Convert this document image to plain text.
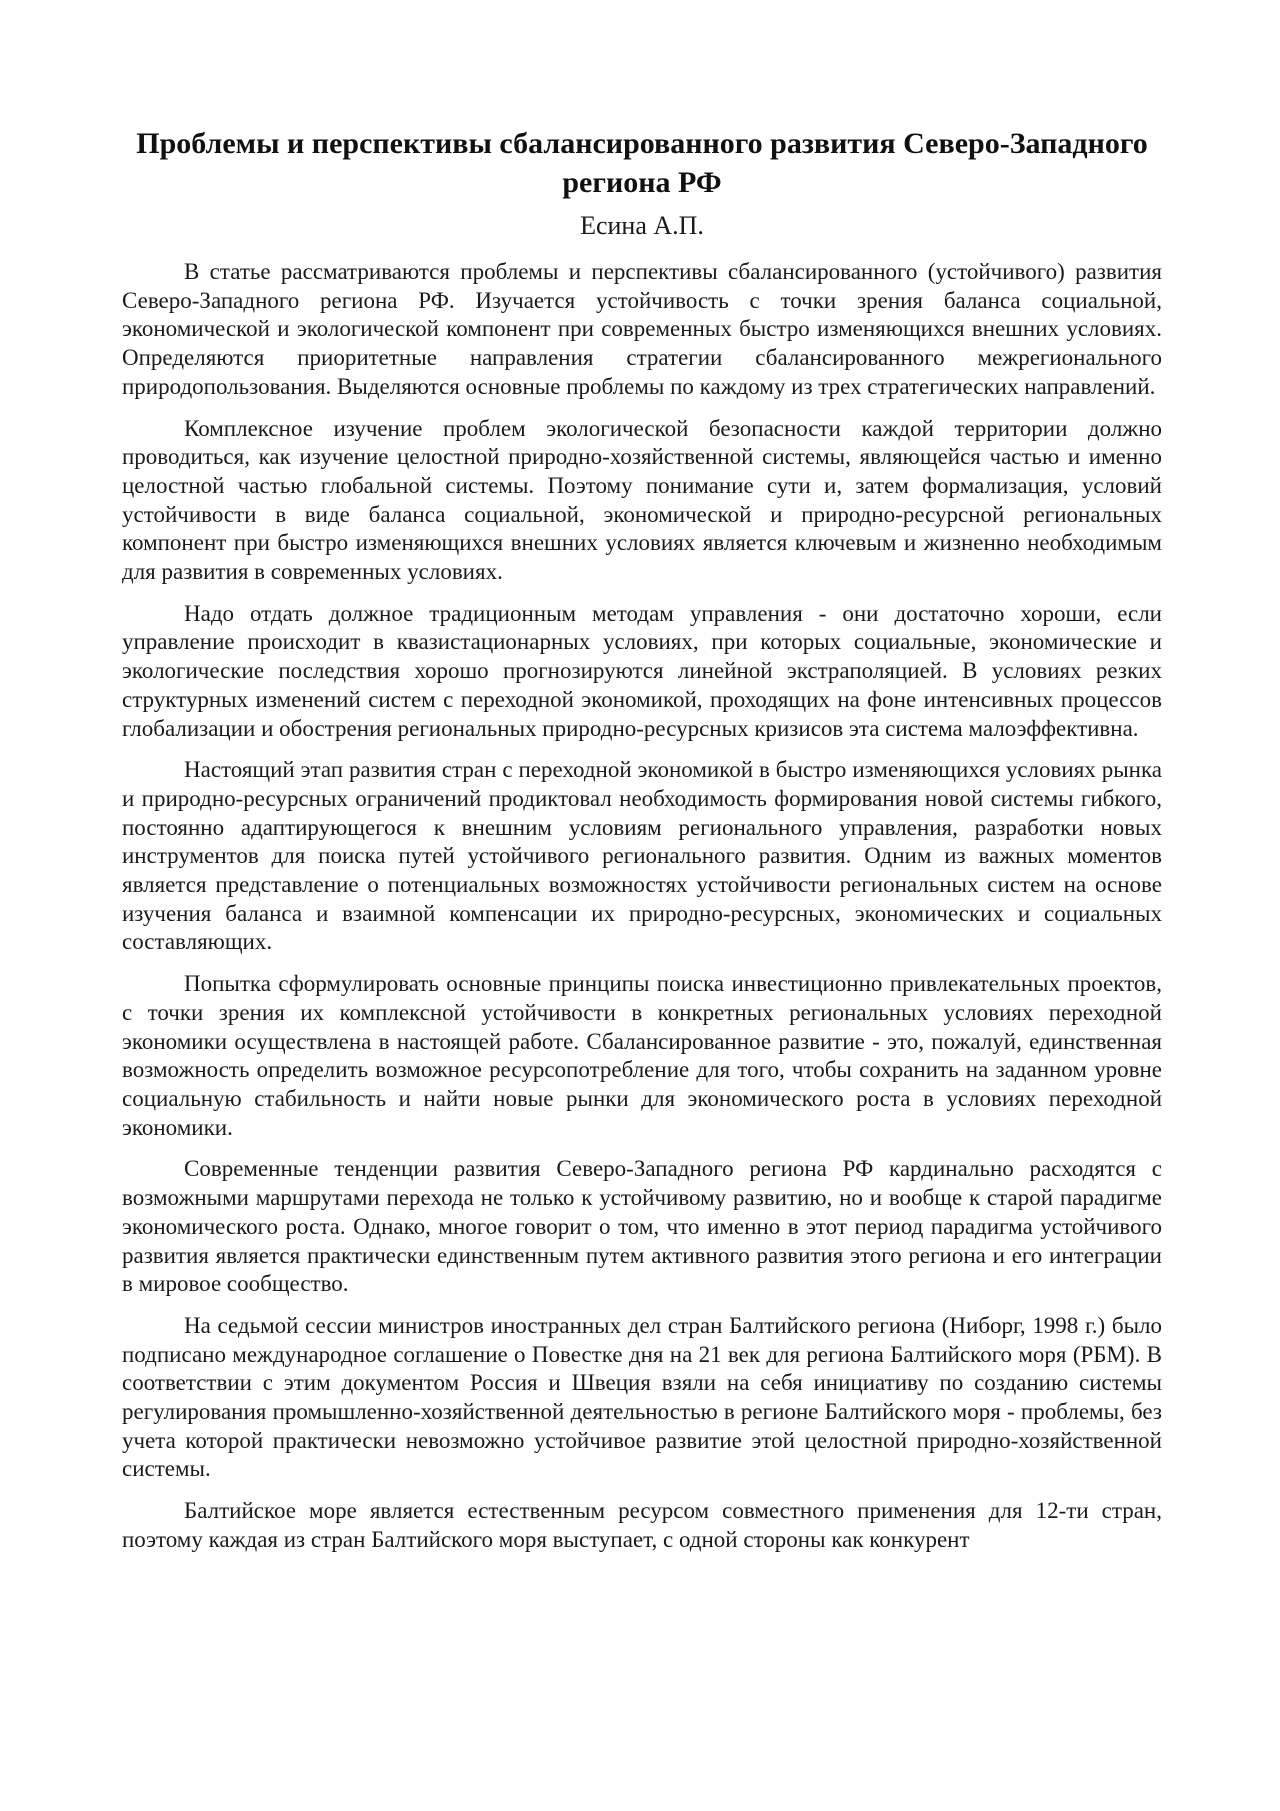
Проблемы и перспективы сбалансированного развития Северо-Западного региона РФ
Есина А.П.

В статье рассматриваются проблемы и перспективы сбалансированного (устойчивого) развития Северо-Западного региона РФ. Изучается устойчивость с точки зрения баланса социальной, экономической и экологической компонент при современных быстро изменяющихся внешних условиях. Определяются приоритетные направления стратегии сбалансированного межрегионального природопользования. Выделяются основные проблемы по каждому из трех стратегических направлений.

Комплексное изучение проблем экологической безопасности каждой территории должно проводиться, как изучение целостной природно-хозяйственной системы, являющейся частью и именно целостной частью глобальной системы. Поэтому понимание сути и, затем формализация, условий устойчивости в виде баланса социальной, экономической и природно-ресурсной региональных компонент при быстро изменяющихся внешних условиях является ключевым и жизненно необходимым для развития в современных условиях.

Надо отдать должное традиционным методам управления - они достаточно хороши, если управление происходит в квазистационарных условиях, при которых социальные, экономические и экологические последствия хорошо прогнозируются линейной экстраполяцией. В условиях резких структурных изменений систем с переходной экономикой, проходящих на фоне интенсивных процессов глобализации и обострения региональных природно-ресурсных кризисов эта система малоэффективна.

Настоящий этап развития стран с переходной экономикой в быстро изменяющихся условиях рынка и природно-ресурсных ограничений продиктовал необходимость формирования новой системы гибкого, постоянно адаптирующегося к внешним условиям регионального управления, разработки новых инструментов для поиска путей устойчивого регионального развития. Одним из важных моментов является представление о потенциальных возможностях устойчивости региональных систем на основе изучения баланса и взаимной компенсации их природно-ресурсных, экономических и социальных составляющих.

Попытка сформулировать основные принципы поиска инвестиционно привлекательных проектов, с точки зрения их комплексной устойчивости в конкретных региональных условиях переходной экономики осуществлена в настоящей работе. Сбалансированное развитие - это, пожалуй, единственная возможность определить возможное ресурсопотребление для того, чтобы сохранить на заданном уровне социальную стабильность и найти новые рынки для экономического роста в условиях переходной экономики.

Современные тенденции развития Северо-Западного региона РФ кардинально расходятся с возможными маршрутами перехода не только к устойчивому развитию, но и вообще к старой парадигме экономического роста. Однако, многое говорит о том, что именно в этот период парадигма устойчивого развития является практически единственным путем активного развития этого региона и его интеграции в мировое сообщество.

На седьмой сессии министров иностранных дел стран Балтийского региона (Ниборг, 1998 г.) было подписано международное соглашение о Повестке дня на 21 век для региона Балтийского моря (РБМ). В соответствии с этим документом Россия и Швеция взяли на себя инициативу по созданию системы регулирования промышленно-хозяйственной деятельностью в регионе Балтийского моря - проблемы, без учета которой практически невозможно устойчивое развитие этой целостной природно-хозяйственной системы.

Балтийское море является естественным ресурсом совместного применения для 12-ти стран, поэтому каждая из стран Балтийского моря выступает, с одной стороны как конкурент
